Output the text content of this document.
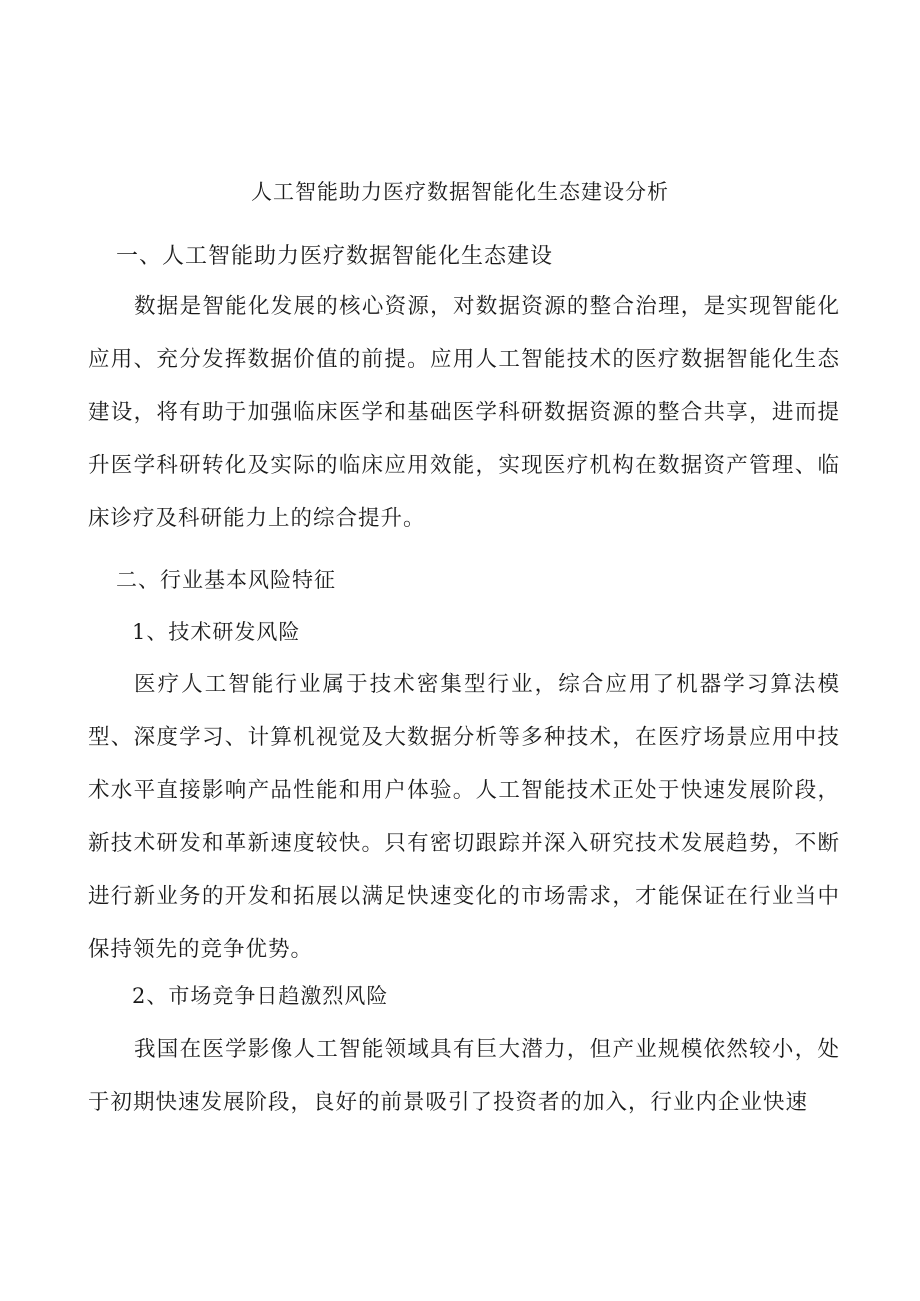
人工智能助力医疗数据智能化生态建设分析
一、人工智能助力医疗数据智能化生态建设

数据是智能化发展的核心资源，对数据资源的整合治理，是实现智能化应用、充分发挥数据价值的前提。应用人工智能技术的医疗数据智能化生态建设，将有助于加强临床医学和基础医学科研数据资源的整合共享，进而提升医学科研转化及实际的临床应用效能，实现医疗机构在数据资产管理、临床诊疗及科研能力上的综合提升。

二、行业基本风险特征
1、技术研发风险

医疗人工智能行业属于技术密集型行业，综合应用了机器学习算法模型、深度学习、计算机视觉及大数据分析等多种技术，在医疗场景应用中技术水平直接影响产品性能和用户体验。人工智能技术正处于快速发展阶段，新技术研发和革新速度较快。只有密切跟踪并深入研究技术发展趋势，不断进行新业务的开发和拓展以满足快速变化的市场需求，才能保证在行业当中保持领先的竞争优势。

2、市场竞争日趋激烈风险

我国在医学影像人工智能领域具有巨大潜力，但产业规模依然较小，处于初期快速发展阶段，良好的前景吸引了投资者的加入，行业内企业快速
